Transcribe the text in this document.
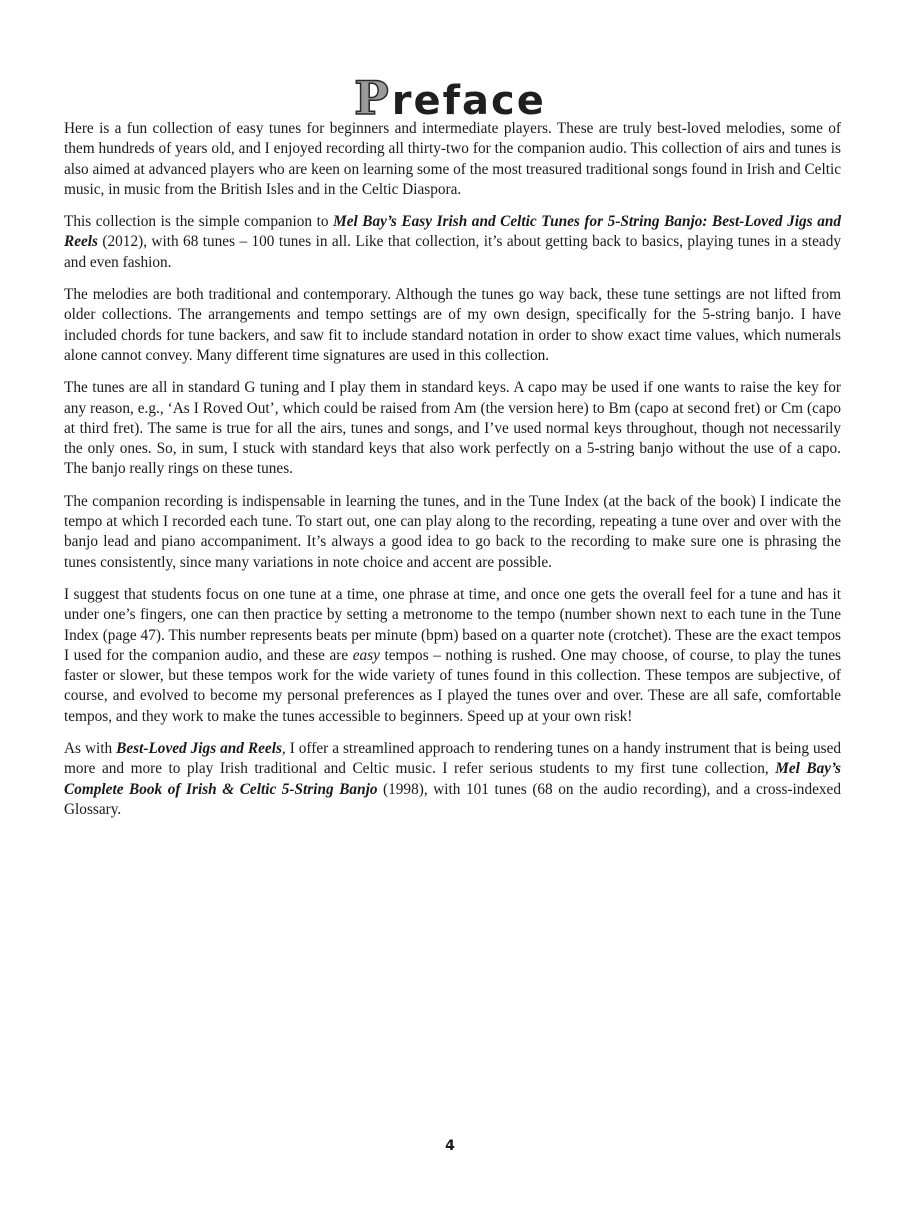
Preface

Here is a fun collection of easy tunes for beginners and intermediate players. These are truly best-loved melodies, some of them hundreds of years old, and I enjoyed recording all thirty-two for the companion audio. This collection of airs and tunes is also aimed at advanced players who are keen on learning some of the most treasured traditional songs found in Irish and Celtic music, in music from the British Isles and in the Celtic Diaspora.

This collection is the simple companion to Mel Bay’s Easy Irish and Celtic Tunes for 5-String Banjo: Best-Loved Jigs and Reels (2012), with 68 tunes – 100 tunes in all. Like that collection, it’s about getting back to basics, playing tunes in a steady and even fashion.

The melodies are both traditional and contemporary. Although the tunes go way back, these tune settings are not lifted from older collections. The arrangements and tempo settings are of my own design, specifically for the 5-string banjo. I have included chords for tune backers, and saw fit to include standard notation in order to show exact time values, which numerals alone cannot convey. Many different time signatures are used in this collection.

The tunes are all in standard G tuning and I play them in standard keys. A capo may be used if one wants to raise the key for any reason, e.g., ‘As I Roved Out’, which could be raised from Am (the version here) to Bm (capo at second fret) or Cm (capo at third fret). The same is true for all the airs, tunes and songs, and I’ve used normal keys throughout, though not necessarily the only ones. So, in sum, I stuck with standard keys that also work perfectly on a 5-string banjo without the use of a capo. The banjo really rings on these tunes.

The companion recording is indispensable in learning the tunes, and in the Tune Index (at the back of the book) I indicate the tempo at which I recorded each tune. To start out, one can play along to the recording, repeating a tune over and over with the banjo lead and piano accompaniment. It’s always a good idea to go back to the recording to make sure one is phrasing the tunes consistently, since many variations in note choice and accent are possible.

I suggest that students focus on one tune at a time, one phrase at time, and once one gets the overall feel for a tune and has it under one’s fingers, one can then practice by setting a metronome to the tempo (number shown next to each tune in the Tune Index (page 47). This number represents beats per minute (bpm) based on a quarter note (crotchet). These are the exact tempos I used for the companion audio, and these are easy tempos – nothing is rushed. One may choose, of course, to play the tunes faster or slower, but these tempos work for the wide variety of tunes found in this collection. These tempos are subjective, of course, and evolved to become my personal preferences as I played the tunes over and over. These are all safe, comfortable tempos, and they work to make the tunes accessible to beginners. Speed up at your own risk!

As with Best-Loved Jigs and Reels, I offer a streamlined approach to rendering tunes on a handy instrument that is being used more and more to play Irish traditional and Celtic music. I refer serious students to my first tune collection, Mel Bay’s Complete Book of Irish & Celtic 5-String Banjo (1998), with 101 tunes (68 on the audio recording), and a cross-indexed Glossary.

4
